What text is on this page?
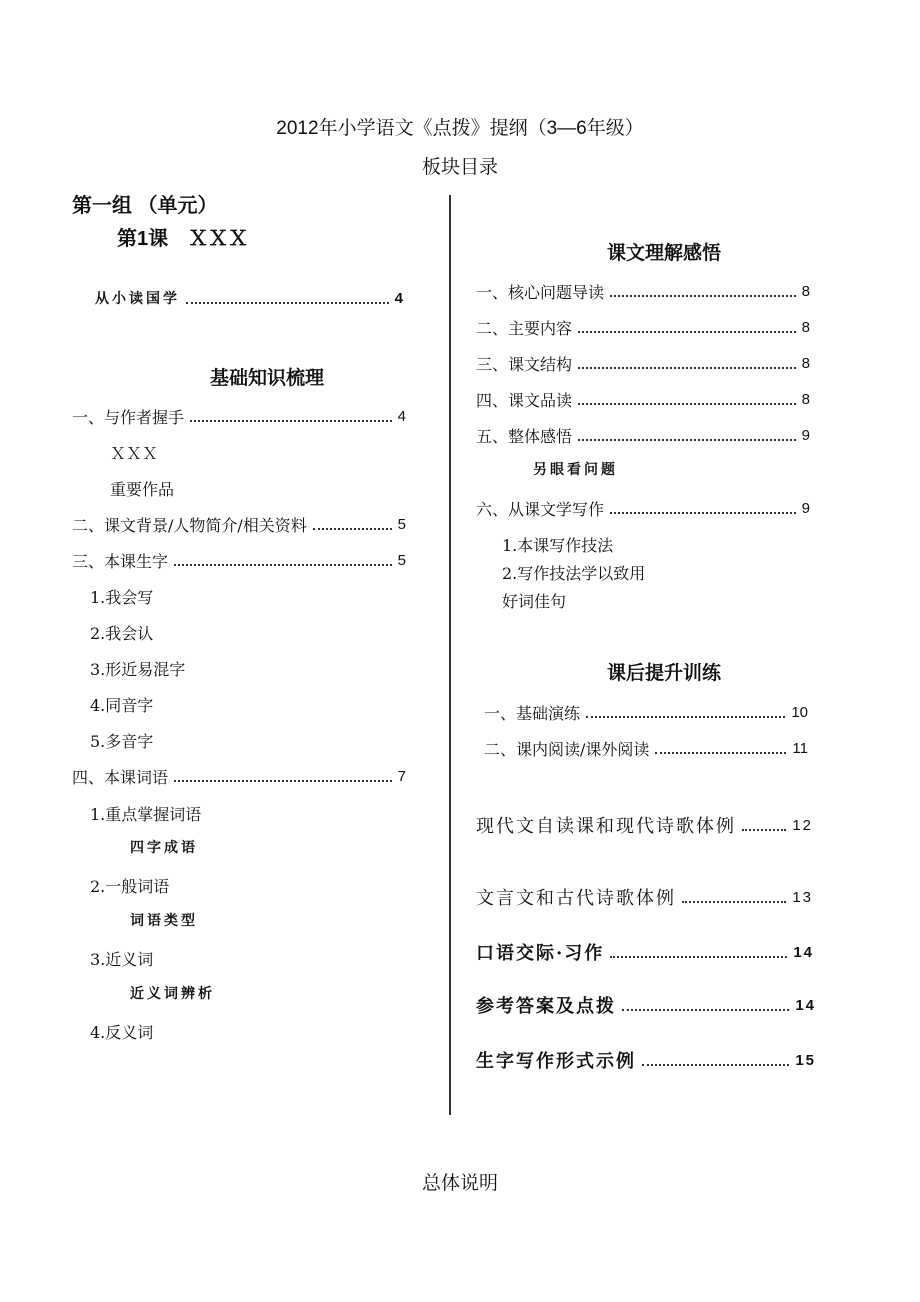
2012年小学语文《点拨》提纲（3—6年级）
板块目录
总体说明
第一组 （单元）
第1课　ＸＸＸ
从小读国学	4
基础知识梳理
一、与作者握手	4
ＸＸＸ
重要作品
二、课文背景/人物简介/相关资料	5
三、本课生字	5
1.我会写
2.我会认
3.形近易混字
4.同音字
5.多音字
四、本课词语	7
1.重点掌握词语
四字成语
2.一般词语
词语类型
3.近义词
近义词辨析
4.反义词
课文理解感悟
一、核心问题导读	8
二、主要内容	8
三、课文结构	8
四、课文品读	8
五、整体感悟	9
另眼看问题
六、从课文学写作	9
1.本课写作技法
2.写作技法学以致用
好词佳句
课后提升训练
一、基础演练	10
二、课内阅读/课外阅读	11
现代文自读课和现代诗歌体例	12
文言文和古代诗歌体例	13
口语交际·习作	14
参考答案及点拨	14
生字写作形式示例	15
